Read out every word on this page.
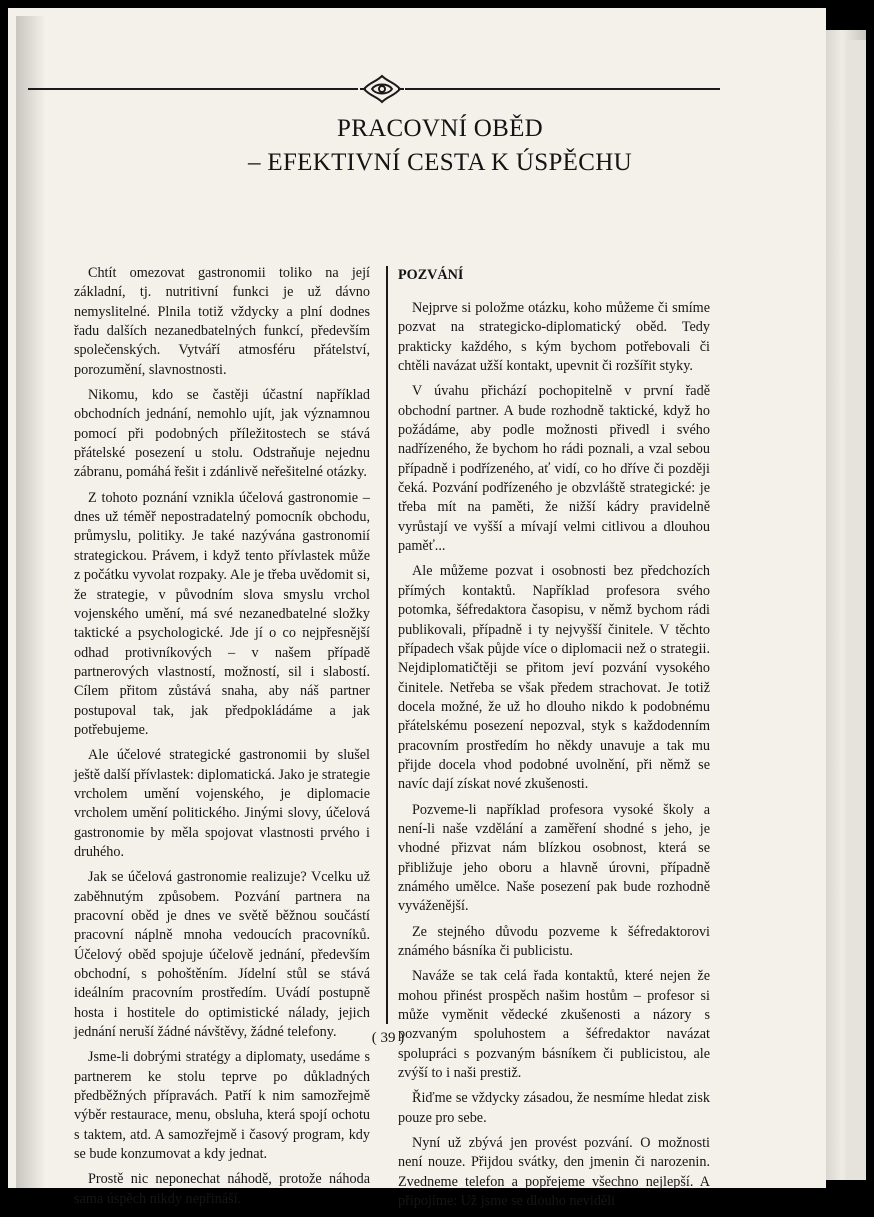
PRACOVNÍ OBĚD
– EFEKTIVNÍ CESTA K ÚSPĚCHU

Chtít omezovat gastronomii toliko na její základní, tj. nutritivní funkci je už dávno nemyslitelné. Plnila totiž vždycky a plní dodnes řadu dalších nezanedbatelných funkcí, především společenských. Vytváří atmosféru přátelství, porozumění, slavnostnosti.

Nikomu, kdo se častěji účastní například obchodních jednání, nemohlo ujít, jak významnou pomocí při podobných příležitostech se stává přátelské posezení u stolu. Odstraňuje nejednu zábranu, pomáhá řešit i zdánlivě neřešitelné otázky.

Z tohoto poznání vznikla účelová gastronomie – dnes už téměř nepostradatelný pomocník obchodu, průmyslu, politiky. Je také nazývána gastronomií strategickou. Právem, i když tento přívlastek může z počátku vyvolat rozpaky. Ale je třeba uvědomit si, že strategie, v původním slova smyslu vrchol vojenského umění, má své nezanedbatelné složky taktické a psychologické. Jde jí o co nejpřesnější odhad protivníkových – v našem případě partnerových vlastností, možností, sil i slabostí. Cílem přitom zůstává snaha, aby náš partner postupoval tak, jak předpokládáme a jak potřebujeme.

Ale účelové strategické gastronomii by slušel ještě další přívlastek: diplomatická. Jako je strategie vrcholem umění vojenského, je diplomacie vrcholem umění politického. Jinými slovy, účelová gastronomie by měla spojovat vlastnosti prvého i druhého.

Jak se účelová gastronomie realizuje? Vcelku už zaběhnutým způsobem. Pozvání partnera na pracovní oběd je dnes ve světě běžnou součástí pracovní náplně mnoha vedoucích pracovníků. Účelový oběd spojuje účelově jednání, především obchodní, s pohoštěním. Jídelní stůl se stává ideálním pracovním prostředím. Uvádí postupně hosta i hostitele do optimistické nálady, jejich jednání neruší žádné návštěvy, žádné telefony.

Jsme-li dobrými stratégy a diplomaty, usedáme s partnerem ke stolu teprve po důkladných předběžných přípravách. Patří k nim samozřejmě výběr restaurace, menu, obsluha, která spojí ochotu s taktem, atd. A samozřejmě i časový program, kdy se bude konzumovat a kdy jednat.

Prostě nic neponechat náhodě, protože náhoda sama úspěch nikdy nepřináší.

POZVÁNÍ

Nejprve si položme otázku, koho můžeme či smíme pozvat na strategicko-diplomatický oběd. Tedy prakticky každého, s kým bychom potřebovali či chtěli navázat užší kontakt, upevnit či rozšířit styky.

V úvahu přichází pochopitelně v první řadě obchodní partner. A bude rozhodně taktické, když ho požádáme, aby podle možnosti přivedl i svého nadřízeného, že bychom ho rádi poznali, a vzal sebou případně i podřízeného, ať vidí, co ho dříve či později čeká. Pozvání podřízeného je obzvláště strategické: je třeba mít na paměti, že nižší kádry pravidelně vyrůstají ve vyšší a mívají velmi citlivou a dlouhou paměť...

Ale můžeme pozvat i osobnosti bez předchozích přímých kontaktů. Například profesora svého potomka, šéfredaktora časopisu, v němž bychom rádi publikovali, případně i ty nejvyšší činitele. V těchto případech však půjde více o diplomacii než o strategii. Nejdiplomatičtěji se přitom jeví pozvání vysokého činitele. Netřeba se však předem strachovat. Je totiž docela možné, že už ho dlouho nikdo k podobnému přátelskému posezení nepozval, styk s každodenním pracovním prostředím ho někdy unavuje a tak mu přijde docela vhod podobné uvolnění, při němž se navíc dají získat nové zkušenosti.

Pozveme-li například profesora vysoké školy a není-li naše vzdělání a zaměření shodné s jeho, je vhodné přizvat nám blízkou osobnost, která se přibližuje jeho oboru a hlavně úrovni, případně známého umělce. Naše posezení pak bude rozhodně vyváženější.

Ze stejného důvodu pozveme k šéfredaktorovi známého básníka či publicistu.

Naváže se tak celá řada kontaktů, které nejen že mohou přinést prospěch našim hostům – profesor si může vyměnit vědecké zkušenosti a názory s pozvaným spoluhostem a šéfredaktor navázat spolupráci s pozvaným básníkem či publicistou, ale zvýší to i naši prestiž.

Řiďme se vždycky zásadou, že nesmíme hledat zisk pouze pro sebe.

Nyní už zbývá jen provést pozvání. O možnosti není nouze. Přijdou svátky, den jmenin či narozenin. Zvedneme telefon a popřejeme všechno nejlepší. A připojíme: Už jsme se dlouho neviděli

( 39 )
